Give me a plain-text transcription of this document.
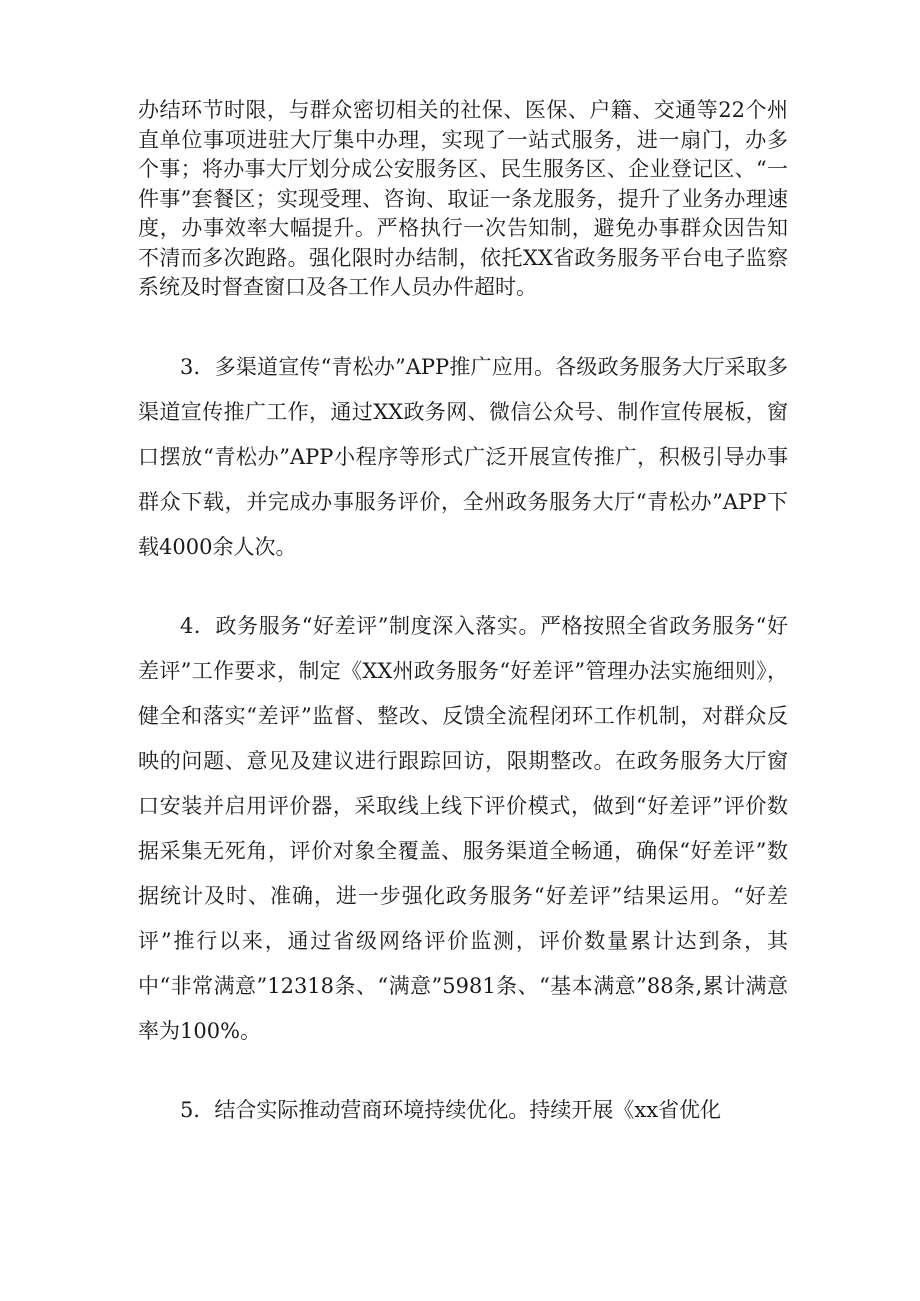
办结环节时限，与群众密切相关的社保、医保、户籍、交通等22个州直单位事项进驻大厅集中办理，实现了一站式服务，进一扇门，办多个事；将办事大厅划分成公安服务区、民生服务区、企业登记区、“一件事”套餐区；实现受理、咨询、取证一条龙服务，提升了业务办理速度，办事效率大幅提升。严格执行一次告知制，避免办事群众因告知不清而多次跑路。强化限时办结制，依托XX省政务服务平台电子监察系统及时督查窗口及各工作人员办件超时。

3．多渠道宣传“青松办”APP推广应用。各级政务服务大厅采取多渠道宣传推广工作，通过XX政务网、微信公众号、制作宣传展板，窗口摆放“青松办”APP小程序等形式广泛开展宣传推广，积极引导办事群众下载，并完成办事服务评价，全州政务服务大厅“青松办”APP下载4000余人次。

4．政务服务“好差评”制度深入落实。严格按照全省政务服务“好差评”工作要求，制定《XX州政务服务“好差评”管理办法实施细则》，健全和落实“差评”监督、整改、反馈全流程闭环工作机制，对群众反映的问题、意见及建议进行跟踪回访，限期整改。在政务服务大厅窗口安装并启用评价器，采取线上线下评价模式，做到“好差评”评价数据采集无死角，评价对象全覆盖、服务渠道全畅通，确保“好差评”数据统计及时、准确，进一步强化政务服务“好差评”结果运用。“好差评”推行以来，通过省级网络评价监测，评价数量累计达到条，其中“非常满意”12318条、“满意”5981条、“基本满意”88条,累计满意率为100%。

5．结合实际推动营商环境持续优化。持续开展《xx省优化
